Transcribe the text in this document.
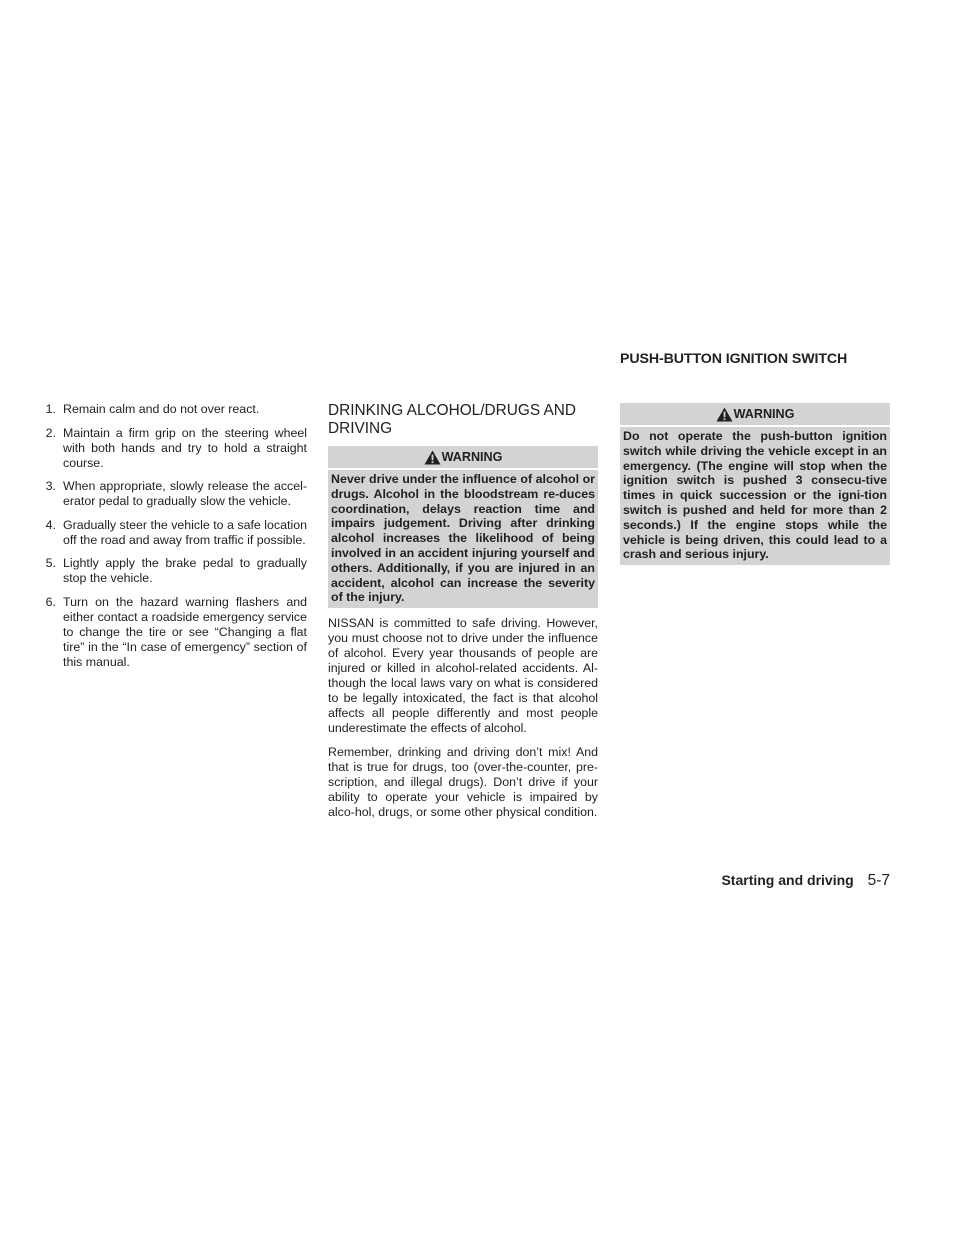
1. Remain calm and do not over react.
2. Maintain a firm grip on the steering wheel with both hands and try to hold a straight course.
3. When appropriate, slowly release the accel-erator pedal to gradually slow the vehicle.
4. Gradually steer the vehicle to a safe location off the road and away from traffic if possible.
5. Lightly apply the brake pedal to gradually stop the vehicle.
6. Turn on the hazard warning flashers and either contact a roadside emergency service to change the tire or see “Changing a flat tire” in the “In case of emergency” section of this manual.
DRINKING ALCOHOL/DRUGS AND DRIVING
WARNING
Never drive under the influence of alcohol or drugs. Alcohol in the bloodstream re-duces coordination, delays reaction time and impairs judgement. Driving after drinking alcohol increases the likelihood of being involved in an accident injuring yourself and others. Additionally, if you are injured in an accident, alcohol can increase the severity of the injury.

NISSAN is committed to safe driving. However, you must choose not to drive under the influence of alcohol. Every year thousands of people are injured or killed in alcohol-related accidents. Al-though the local laws vary on what is considered to be legally intoxicated, the fact is that alcohol affects all people differently and most people underestimate the effects of alcohol.

Remember, drinking and driving don’t mix! And that is true for drugs, too (over-the-counter, pre-scription, and illegal drugs). Don’t drive if your ability to operate your vehicle is impaired by alco-hol, drugs, or some other physical condition.

PUSH-BUTTON IGNITION SWITCH
WARNING
Do not operate the push-button ignition switch while driving the vehicle except in an emergency. (The engine will stop when the ignition switch is pushed 3 consecu-tive times in quick succession or the igni-tion switch is pushed and held for more than 2 seconds.) If the engine stops while the vehicle is being driven, this could lead to a crash and serious injury.
Starting and driving 5-7
